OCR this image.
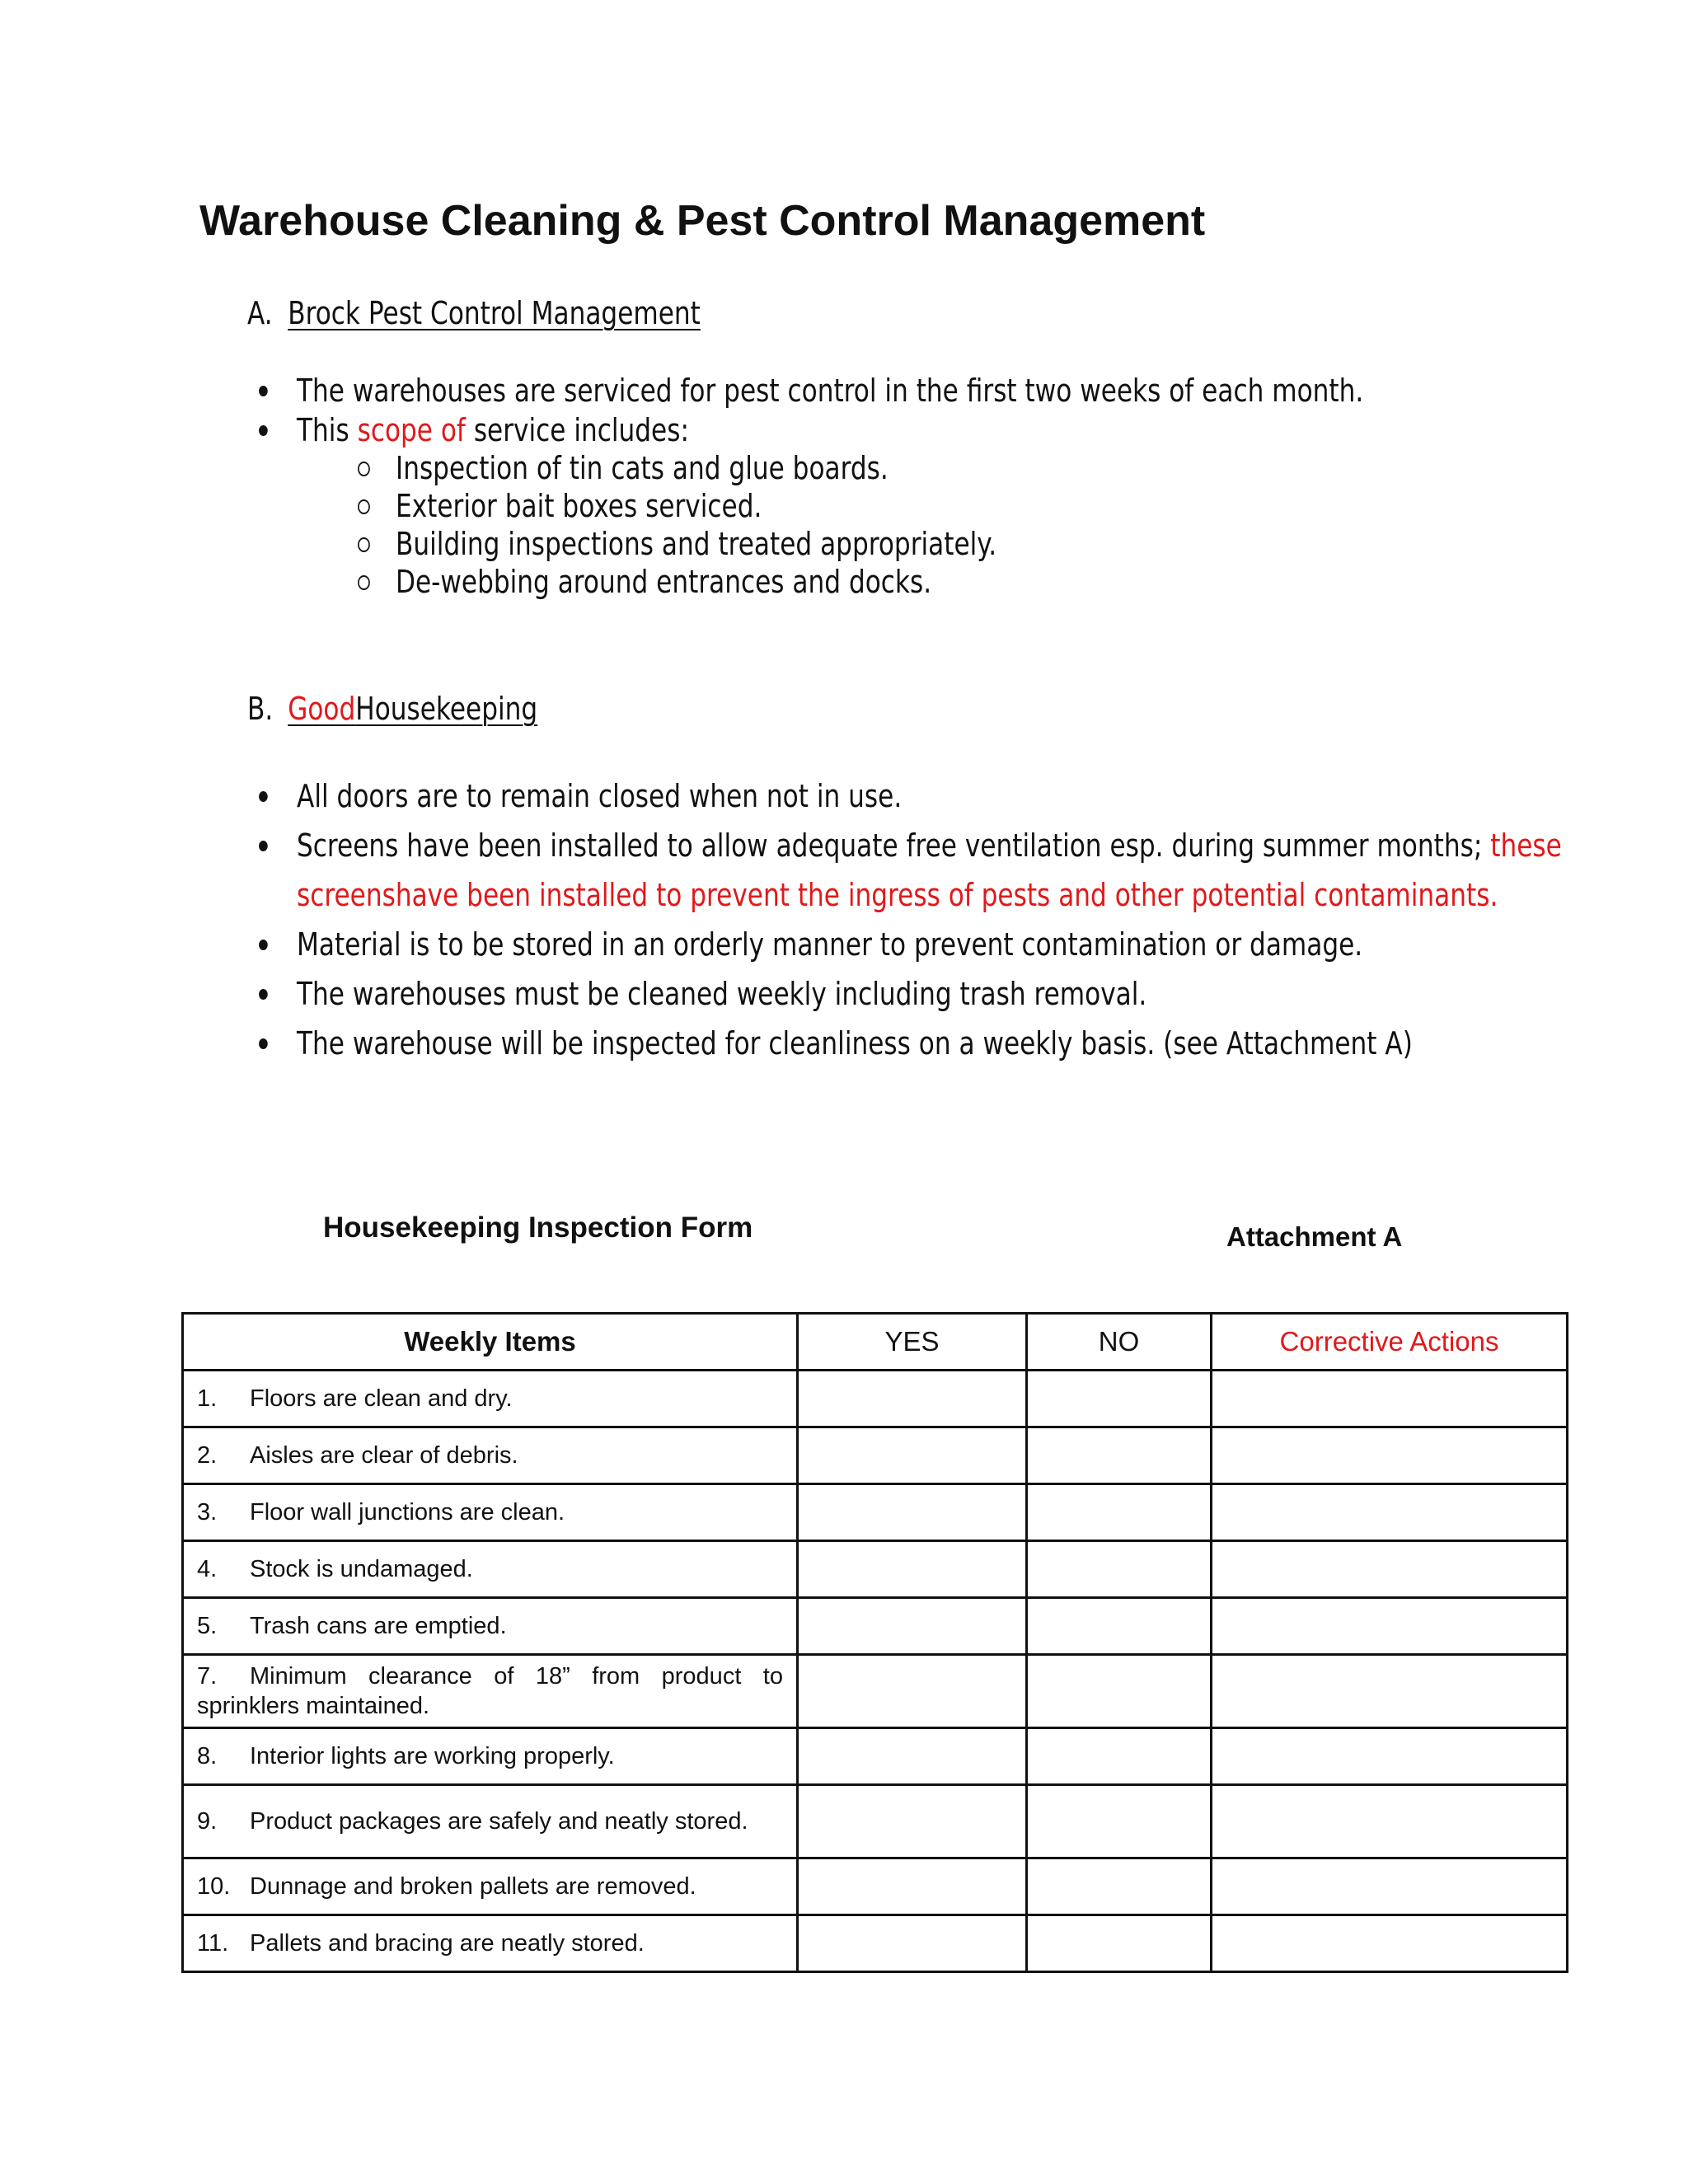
Warehouse Cleaning & Pest Control Management
A. Brock Pest Control Management
The warehouses are serviced for pest control in the first two weeks of each month.
This scope of service includes:
Inspection of tin cats and glue boards.
Exterior bait boxes serviced.
Building inspections and treated appropriately.
De-webbing around entrances and docks.
B. GoodHousekeeping
All doors are to remain closed when not in use.
Screens have been installed to allow adequate free ventilation esp. during summer months; these
screenshave been installed to prevent the ingress of pests and other potential contaminants.
Material is to be stored in an orderly manner to prevent contamination or damage.
The warehouses must be cleaned weekly including trash removal.
The warehouse will be inspected for cleanliness on a weekly basis. (see Attachment A)
Housekeeping Inspection Form	Attachment A
Weekly Items	YES	NO	Corrective Actions
1. Floors are clean and dry.			
2. Aisles are clear of debris.			
3. Floor wall junctions are clean.			
4. Stock is undamaged.			
5. Trash cans are emptied.			
7. Minimum clearance of 18” from product to sprinklers maintained.			
8. Interior lights are working properly.			
9. Product packages are safely and neatly stored.			
10. Dunnage and broken pallets are removed.			
11. Pallets and bracing are neatly stored.			
